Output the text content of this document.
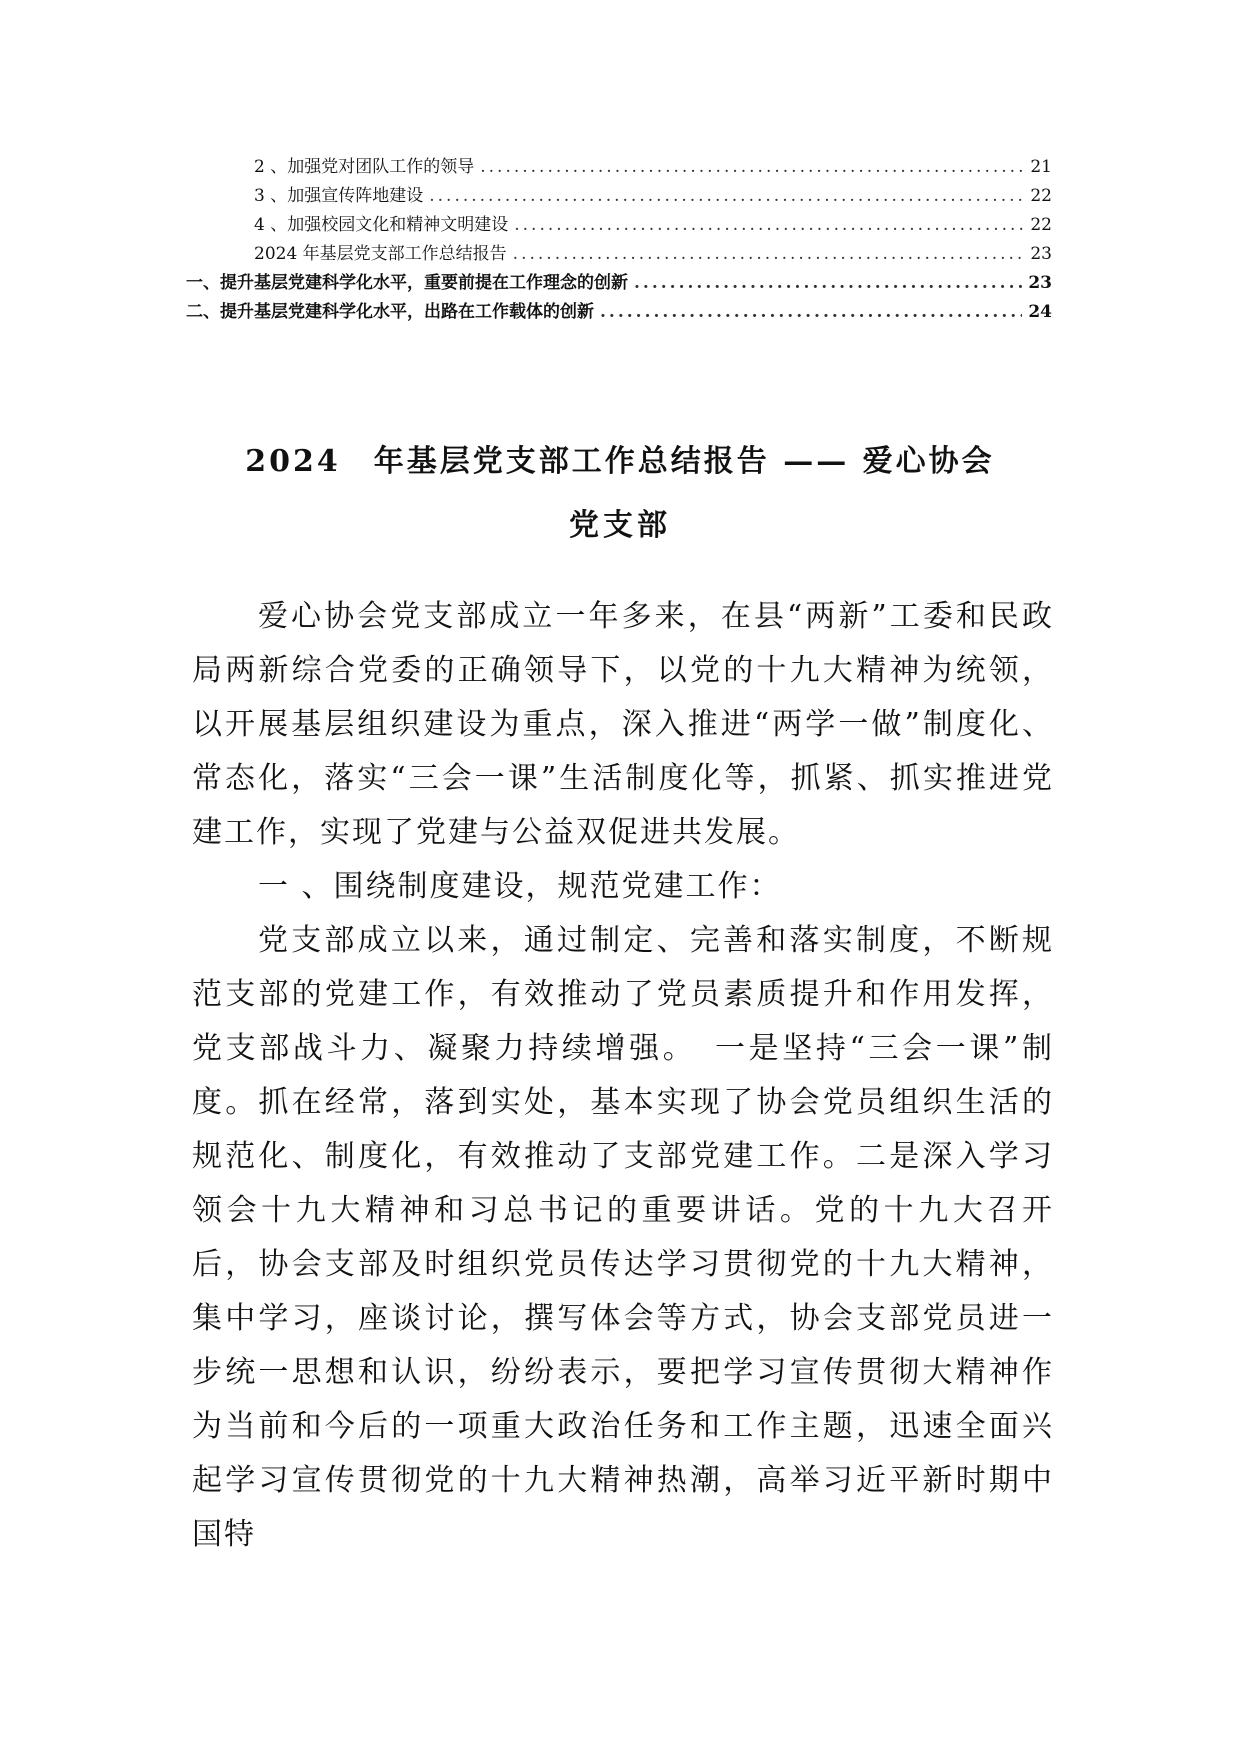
2 、加强党对团队工作的领导 .....	21
3 、加强宣传阵地建设 .....	22
4 、加强校园文化和精神文明建设 .....	22
2024 年基层党支部工作总结报告 .....	23
一、提升基层党建科学化水平，重要前提在工作理念的创新 .....	23
二、提升基层党建科学化水平，出路在工作载体的创新 .....	24
2024　年基层党支部工作总结报告 —— 爱心协会
党支部

爱心协会党支部成立一年多来，在县“两新”工委和民政局两新综合党委的正确领导下，以党的十九大精神为统领，以开展基层组织建设为重点，深入推进“两学一做”制度化、常态化，落实“三会一课”生活制度化等，抓紧、抓实推进党建工作，实现了党建与公益双促进共发展。

一 、围绕制度建设，规范党建工作：

党支部成立以来，通过制定、完善和落实制度，不断规范支部的党建工作，有效推动了党员素质提升和作用发挥，党支部战斗力、凝聚力持续增强。　一是坚持“三会一课”制度。抓在经常，落到实处，基本实现了协会党员组织生活的规范化、制度化，有效推动了支部党建工作。二是深入学习领会十九大精神和习总书记的重要讲话。党的十九大召开后，协会支部及时组织党员传达学习贯彻党的十九大精神，集中学习，座谈讨论，撰写体会等方式，协会支部党员进一步统一思想和认识，纷纷表示，要把学习宣传贯彻大精神作为当前和今后的一项重大政治任务和工作主题，迅速全面兴起学习宣传贯彻党的十九大精神热潮，高举习近平新时期中国特
